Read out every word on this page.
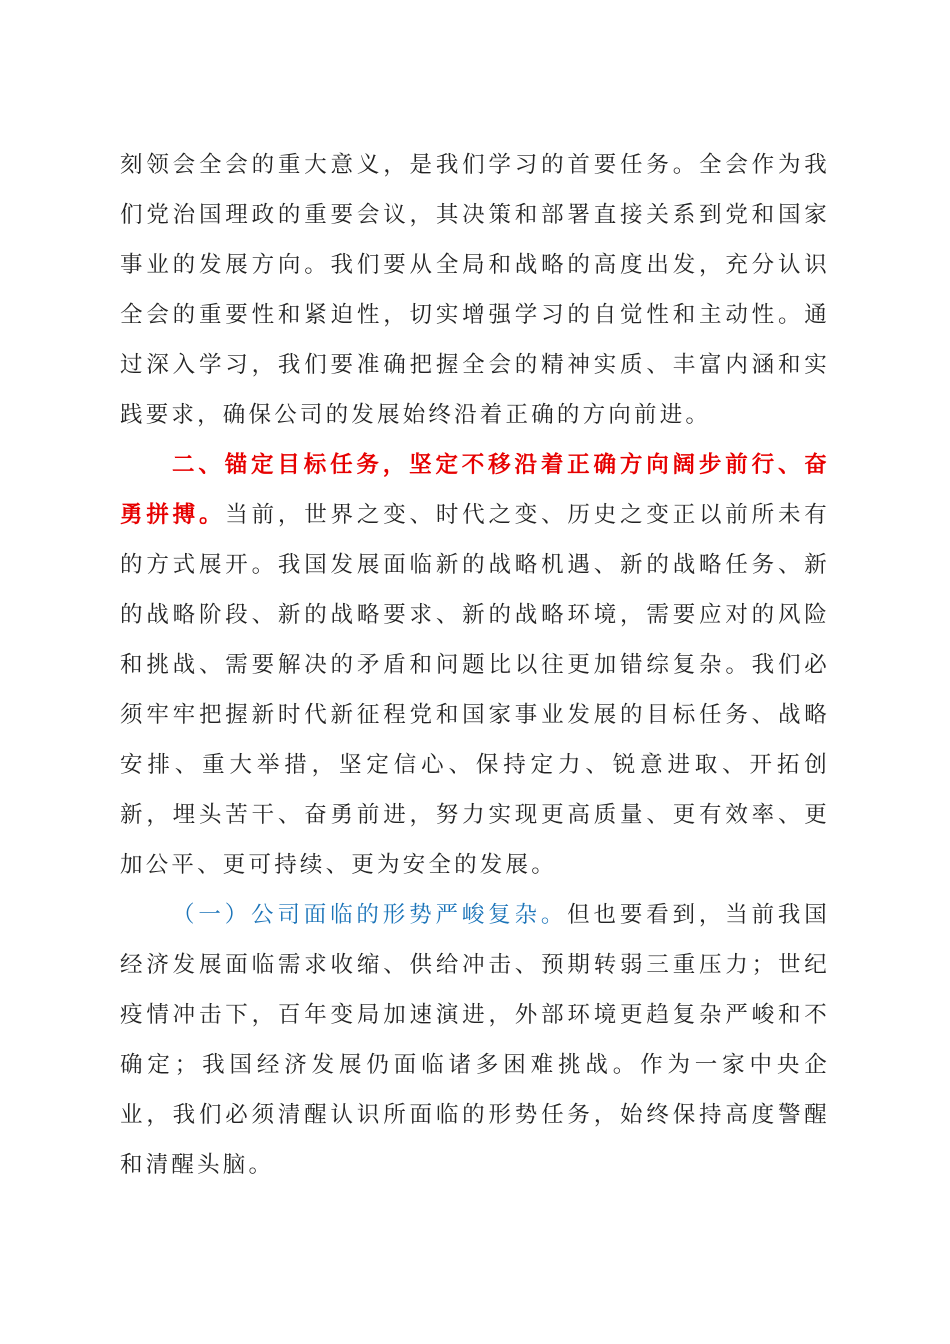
刻领会全会的重大意义，是我们学习的首要任务。全会作为我们党治国理政的重要会议，其决策和部署直接关系到党和国家事业的发展方向。我们要从全局和战略的高度出发，充分认识全会的重要性和紧迫性，切实增强学习的自觉性和主动性。通过深入学习，我们要准确把握全会的精神实质、丰富内涵和实践要求，确保公司的发展始终沿着正确的方向前进。

二、锚定目标任务，坚定不移沿着正确方向阔步前行、奋勇拼搏。当前，世界之变、时代之变、历史之变正以前所未有的方式展开。我国发展面临新的战略机遇、新的战略任务、新的战略阶段、新的战略要求、新的战略环境，需要应对的风险和挑战、需要解决的矛盾和问题比以往更加错综复杂。我们必须牢牢把握新时代新征程党和国家事业发展的目标任务、战略安排、重大举措，坚定信心、保持定力、锐意进取、开拓创新，埋头苦干、奋勇前进，努力实现更高质量、更有效率、更加公平、更可持续、更为安全的发展。

（一）公司面临的形势严峻复杂。但也要看到，当前我国经济发展面临需求收缩、供给冲击、预期转弱三重压力；世纪疫情冲击下，百年变局加速演进，外部环境更趋复杂严峻和不确定；我国经济发展仍面临诸多困难挑战。作为一家中央企业，我们必须清醒认识所面临的形势任务，始终保持高度警醒和清醒头脑。
